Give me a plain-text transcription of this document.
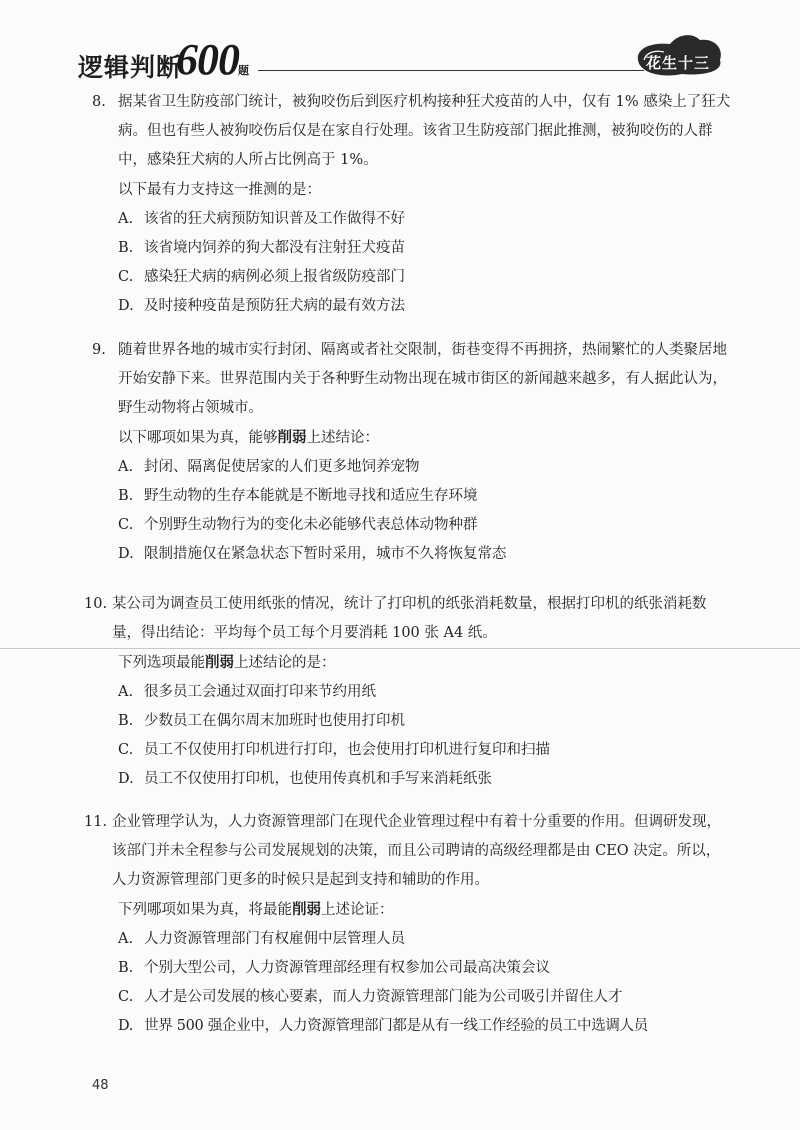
逻辑判断
600 题	花生十三
8. 据某省卫生防疫部门统计，被狗咬伤后到医疗机构接种狂犬疫苗的人中，仅有 1% 感染上了狂犬病。但也有些人被狗咬伤后仅是在家自行处理。该省卫生防疫部门据此推测，被狗咬伤的人群中，感染狂犬病的人所占比例高于 1%。
以下最有力支持这一推测的是：
A. 该省的狂犬病预防知识普及工作做得不好
B. 该省境内饲养的狗大都没有注射狂犬疫苗
C. 感染狂犬病的病例必须上报省级防疫部门
D. 及时接种疫苗是预防狂犬病的最有效方法
9. 随着世界各地的城市实行封闭、隔离或者社交限制，街巷变得不再拥挤，热闹繁忙的人类聚居地开始安静下来。世界范围内关于各种野生动物出现在城市街区的新闻越来越多，有人据此认为，野生动物将占领城市。
以下哪项如果为真，能够削弱上述结论：
A. 封闭、隔离促使居家的人们更多地饲养宠物
B. 野生动物的生存本能就是不断地寻找和适应生存环境
C. 个别野生动物行为的变化未必能够代表总体动物种群
D. 限制措施仅在紧急状态下暂时采用，城市不久将恢复常态
10. 某公司为调查员工使用纸张的情况，统计了打印机的纸张消耗数量，根据打印机的纸张消耗数量，得出结论：平均每个员工每个月要消耗 100 张 A4 纸。
下列选项最能削弱上述结论的是：
A. 很多员工会通过双面打印来节约用纸
B. 少数员工在偶尔周末加班时也使用打印机
C. 员工不仅使用打印机进行打印，也会使用打印机进行复印和扫描
D. 员工不仅使用打印机，也使用传真机和手写来消耗纸张
11. 企业管理学认为，人力资源管理部门在现代企业管理过程中有着十分重要的作用。但调研发现，该部门并未全程参与公司发展规划的决策，而且公司聘请的高级经理都是由 CEO 决定。所以，人力资源管理部门更多的时候只是起到支持和辅助的作用。
下列哪项如果为真，将最能削弱上述论证：
A. 人力资源管理部门有权雇佣中层管理人员
B. 个别大型公司，人力资源管理部经理有权参加公司最高决策会议
C. 人才是公司发展的核心要素，而人力资源管理部门能为公司吸引并留住人才
D. 世界 500 强企业中，人力资源管理部门都是从有一线工作经验的员工中选调人员
48
